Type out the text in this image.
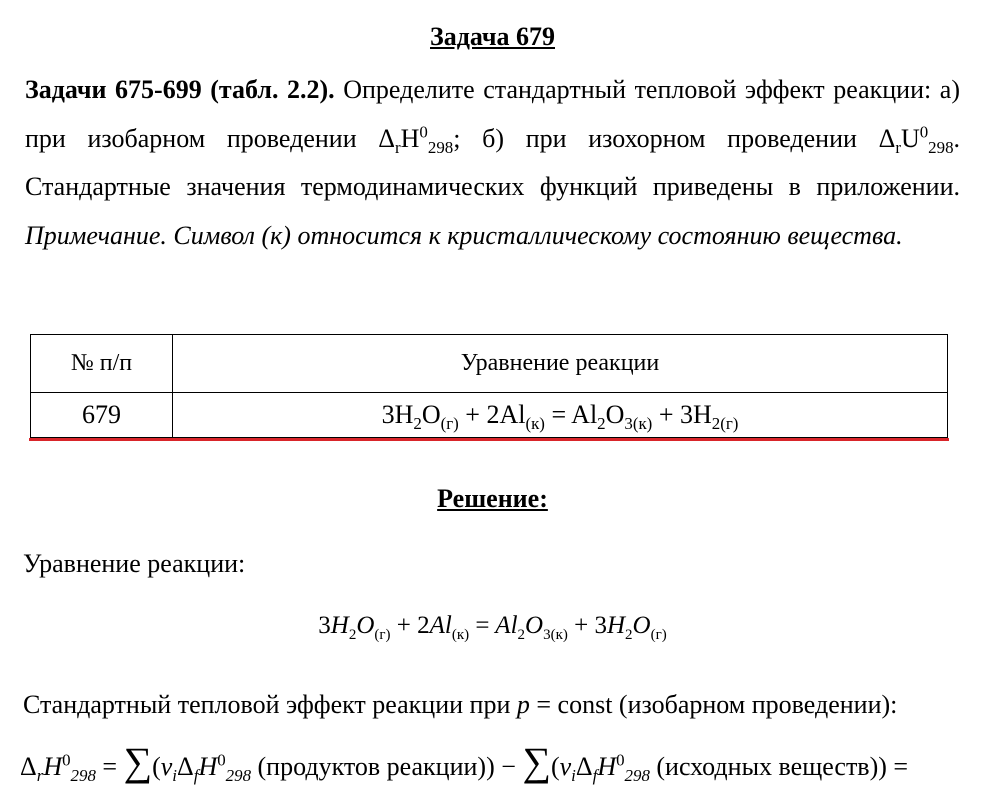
Задача 679

Задачи 675-699 (табл. 2.2). Определите стандартный тепловой эффект реакции: а) при изобарном проведении $\Delta_rH^0_{298}$; б) при изохорном проведении $\Delta_rU^0_{298}$. Стандартные значения термодинамических функций приведены в приложении. Примечание. Символ (к) относится к кристаллическому состоянию вещества.

№ п/п	Уравнение реакции
679	$3H_2O_{(г)} + 2Al_{(к)} = Al_2O_{3(к)} + 3H_{2(г)}$
Решение:
Уравнение реакции:
$3H_2O_{(г)} + 2Al_{(к)} = Al_2O_{3(к)} + 3H_2O_{(г)}$
Стандартный тепловой эффект реакции при p = const (изобарном проведении):
$\Delta_rH^0_{298} = \sum(\nu_i\Delta_fH^0_{298}$ (продуктов реакции)) − $\sum(\nu_i\Delta_fH^0_{298}$ (исходных веществ)) =
